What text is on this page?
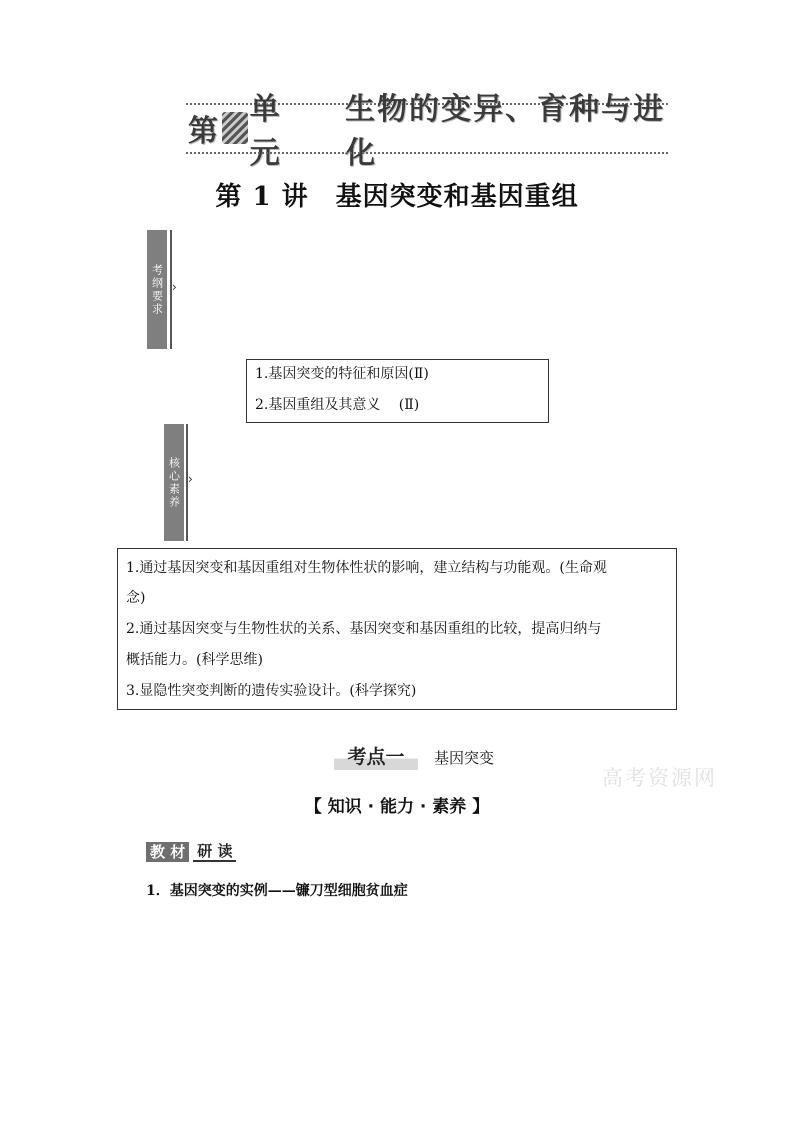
第
单元
生物的变异、育种与进化
第 1 讲　基因突变和基因重组
考纲要求 ›
1.基因突变的特征和原因(Ⅱ)
2.基因重组及其意义　 (Ⅱ)
核心素养 ›
1.通过基因突变和基因重组对生物体性状的影响，建立结构与功能观。(生命观
念)
2.通过基因突变与生物性状的关系、基因突变和基因重组的比较，提高归纳与
概括能力。(科学思维)
3.显隐性突变判断的遗传实验设计。(科学探究)
考点一	基因突变
高考资源网
【 知识 · 能力 · 素养 】
教 材 研 读
1．基因突变的实例——镰刀型细胞贫血症
